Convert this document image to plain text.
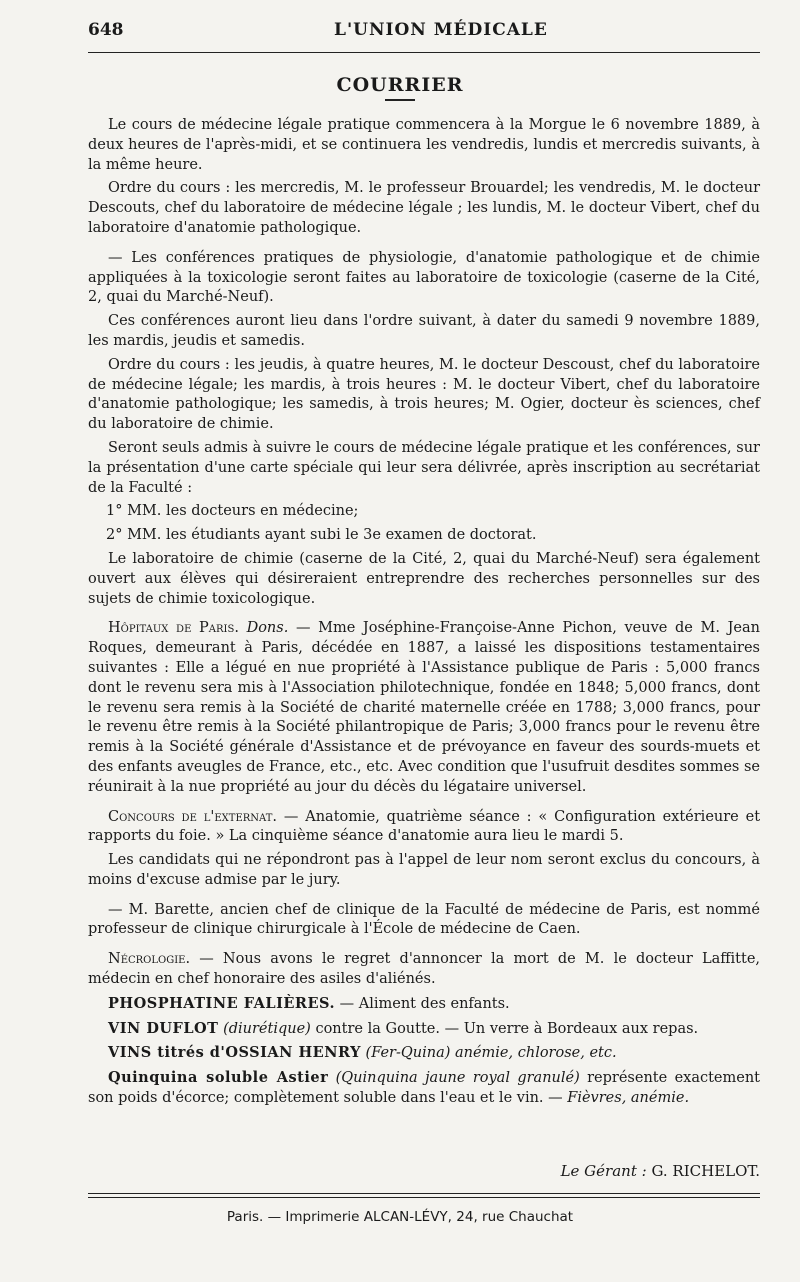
648	L'UNION MÉDICALE
COURRIER

Le cours de médecine légale pratique commencera à la Morgue le 6 novembre 1889, à deux heures de l'après-midi, et se continuera les vendredis, lundis et mercredis suivants, à la même heure.

Ordre du cours : les mercredis, M. le professeur Brouardel; les vendredis, M. le docteur Descouts, chef du laboratoire de médecine légale ; les lundis, M. le docteur Vibert, chef du laboratoire d'anatomie pathologique.

— Les conférences pratiques de physiologie, d'anatomie pathologique et de chimie appliquées à la toxicologie seront faites au laboratoire de toxicologie (caserne de la Cité, 2, quai du Marché-Neuf).

Ces conférences auront lieu dans l'ordre suivant, à dater du samedi 9 novembre 1889, les mardis, jeudis et samedis.

Ordre du cours : les jeudis, à quatre heures, M. le docteur Descoust, chef du laboratoire de médecine légale; les mardis, à trois heures : M. le docteur Vibert, chef du laboratoire d'anatomie pathologique; les samedis, à trois heures; M. Ogier, docteur ès sciences, chef du laboratoire de chimie.

Seront seuls admis à suivre le cours de médecine légale pratique et les conférences, sur la présentation d'une carte spéciale qui leur sera délivrée, après inscription au secrétariat de la Faculté :

1° MM. les docteurs en médecine;

2° MM. les étudiants ayant subi le 3e examen de doctorat.

Le laboratoire de chimie (caserne de la Cité, 2, quai du Marché-Neuf) sera également ouvert aux élèves qui désireraient entreprendre des recherches personnelles sur des sujets de chimie toxicologique.

Hôpitaux de Paris. Dons. — Mme Joséphine-Françoise-Anne Pichon, veuve de M. Jean Roques, demeurant à Paris, décédée en 1887, a laissé les dispositions testamentaires suivantes : Elle a légué en nue propriété à l'Assistance publique de Paris : 5,000 francs dont le revenu sera mis à l'Association philotechnique, fondée en 1848; 5,000 francs, dont le revenu sera remis à la Société de charité maternelle créée en 1788; 3,000 francs, pour le revenu être remis à la Société philantropique de Paris; 3,000 francs pour le revenu être remis à la Société générale d'Assistance et de prévoyance en faveur des sourds-muets et des enfants aveugles de France, etc., etc. Avec condition que l'usufruit desdites sommes se réunirait à la nue propriété au jour du décès du légataire universel.

Concours de l'externat. — Anatomie, quatrième séance : « Configuration extérieure et rapports du foie. » La cinquième séance d'anatomie aura lieu le mardi 5.

Les candidats qui ne répondront pas à l'appel de leur nom seront exclus du concours, à moins d'excuse admise par le jury.

— M. Barette, ancien chef de clinique de la Faculté de médecine de Paris, est nommé professeur de clinique chirurgicale à l'École de médecine de Caen.

Nécrologie. — Nous avons le regret d'annoncer la mort de M. le docteur Laffitte, médecin en chef honoraire des asiles d'aliénés.

PHOSPHATINE FALIÈRES. — Aliment des enfants.

VIN DUFLOT (diurétique) contre la Goutte. — Un verre à Bordeaux aux repas.

VINS titrés d'OSSIAN HENRY (Fer-Quina) anémie, chlorose, etc.

Quinquina soluble Astier (Quinquina jaune royal granulé) représente exactement son poids d'écorce; complètement soluble dans l'eau et le vin. — Fièvres, anémie.

Le Gérant : G. RICHELOT.
Paris. — Imprimerie ALCAN-LÉVY, 24, rue Chauchat
